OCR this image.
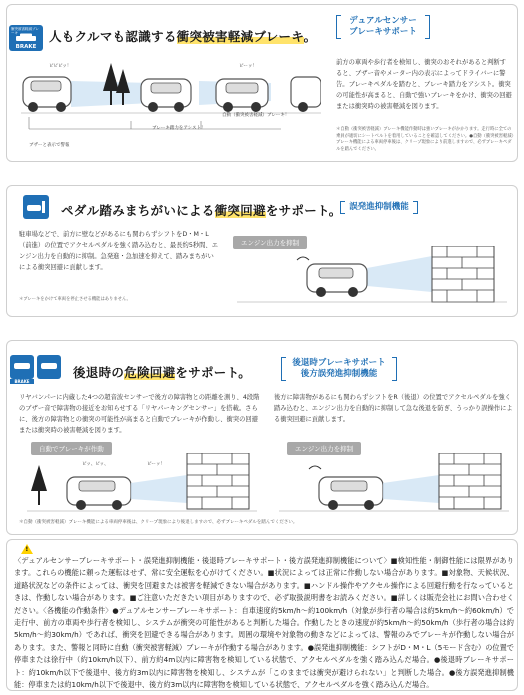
衝突被害軽減ブレーキ
BRAKE
人もクルマも認識する衝突被害軽減ブレーキ。
デュアルセンサー
ブレーキサポート
前方の車両や歩行者を検知し、衝突のおそれがあると判断すると、ブザー音やメーター内の表示によってドライバーに警告。ブレーキペダルを踏むと、ブレーキ踏力をアシスト。衝突の可能性が高まると、自動で強いブレーキをかけ、衝突の回避または衝突時の被害軽減を図ります。
＊自動（衝突被害軽減）ブレーキ機能作動時は強いブレーキがかかります。走行時に全ての乗員が適切にシートベルトを着用していることを確認してください。●自動（衝突被害軽減）ブレーキ機能による車両停車後は、クリープ現象により前進しますので、必ずブレーキペダルを踏んでください。
ピピピッ！	ピーッ！
ブザーと表示で警報
ブレーキ踏力をアシスト！
自動（衝突被害軽減）ブレーキ！
ペダル踏みまちがいによる衝突回避をサポート。 誤発進抑制機能
駐車場などで、前方に壁などがあるにも関わらずシフトをD・M・L（前進）の位置でアクセルペダルを強く踏み込むと、最長約5秒間、エンジン出力を自動的に抑制。急発進・急加速を抑えて、踏みまちがいによる衝突回避に貢献します。
＊ブレーキをかけて車両を停止させる機能はありません。
エンジン出力を抑制
BRAKE
後退時の危険回避をサポート。
後退時ブレーキサポート
後方誤発進抑制機能
リヤバンパーに内蔵した4つの超音波センサーで後方の障害物との距離を測り、4段階のブザー音で障害物の接近をお知らせする「リヤパーキングセンサー」を搭載。さらに、後方の障害物との衝突の可能性が高まると自動でブレーキが作動し、衝突の回避または衝突時の被害軽減を図ります。
後方に障害物があるにも関わらずシフトをR（後退）の位置でアクセルペダルを強く踏み込むと、エンジン出力を自動的に抑制して急な後退を防ぎ、うっかり誤操作による衝突回避に貢献します。
自動でブレーキが作動	エンジン出力を抑制
ピッ、ピッ、	ピーッ！
＊自動（衝突被害軽減）ブレーキ機能による車両停車後は、クリープ現象により後退しますので、必ずブレーキペダルを踏んでください。
!
〈デュアルセンサーブレーキサポート・誤発進抑制機能・後退時ブレーキサポート・後方誤発進抑制機能について〉■検知性能・制御性能には限界があります。これらの機能に頼った運転はせず、常に安全運転を心がけてください。■状況によっては正常に作動しない場合があります。■対象物、天候状況、道路状況などの条件によっては、衝突を回避または被害を軽減できない場合があります。■ハンドル操作やアクセル操作による回避行動を行なっているときは、作動しない場合があります。■ご注意いただきたい項目がありますので、必ず取扱説明書をお読みください。■詳しくは販売会社にお問い合わせください。〈各機能の作動条件〉●デュアルセンサーブレーキサポート：自車速度約5km/h〜約100km/h（対象が歩行者の場合は約5km/h〜約60km/h）で走行中、前方の車両や歩行者を検知し、システムが衝突の可能性があると判断した場合。作動したときの速度が約5km/h〜約50km/h（歩行者の場合は約5km/h〜約30km/h）であれば、衝突を回避できる場合があります。周囲の環境や対象物の動きなどによっては、警報のみでブレーキが作動しない場合があります。また、警報と同時に自動（衝突被害軽減）ブレーキが作動する場合があります。●誤発進抑制機能：シフトがD・M・L（5モード含む）の位置で停車または徐行中（約10km/h以下）、前方約4m以内に障害物を検知している状態で、アクセルペダルを強く踏み込んだ場合。●後退時ブレーキサポート：約10km/h以下で後退中、後方約3m以内に障害物を検知し、システムが「このままでは衝突が避けられない」と判断した場合。●後方誤発進抑制機能：停車または約10km/h以下で後退中、後方約3m以内に障害物を検知している状態で、アクセルペダルを強く踏み込んだ場合。
